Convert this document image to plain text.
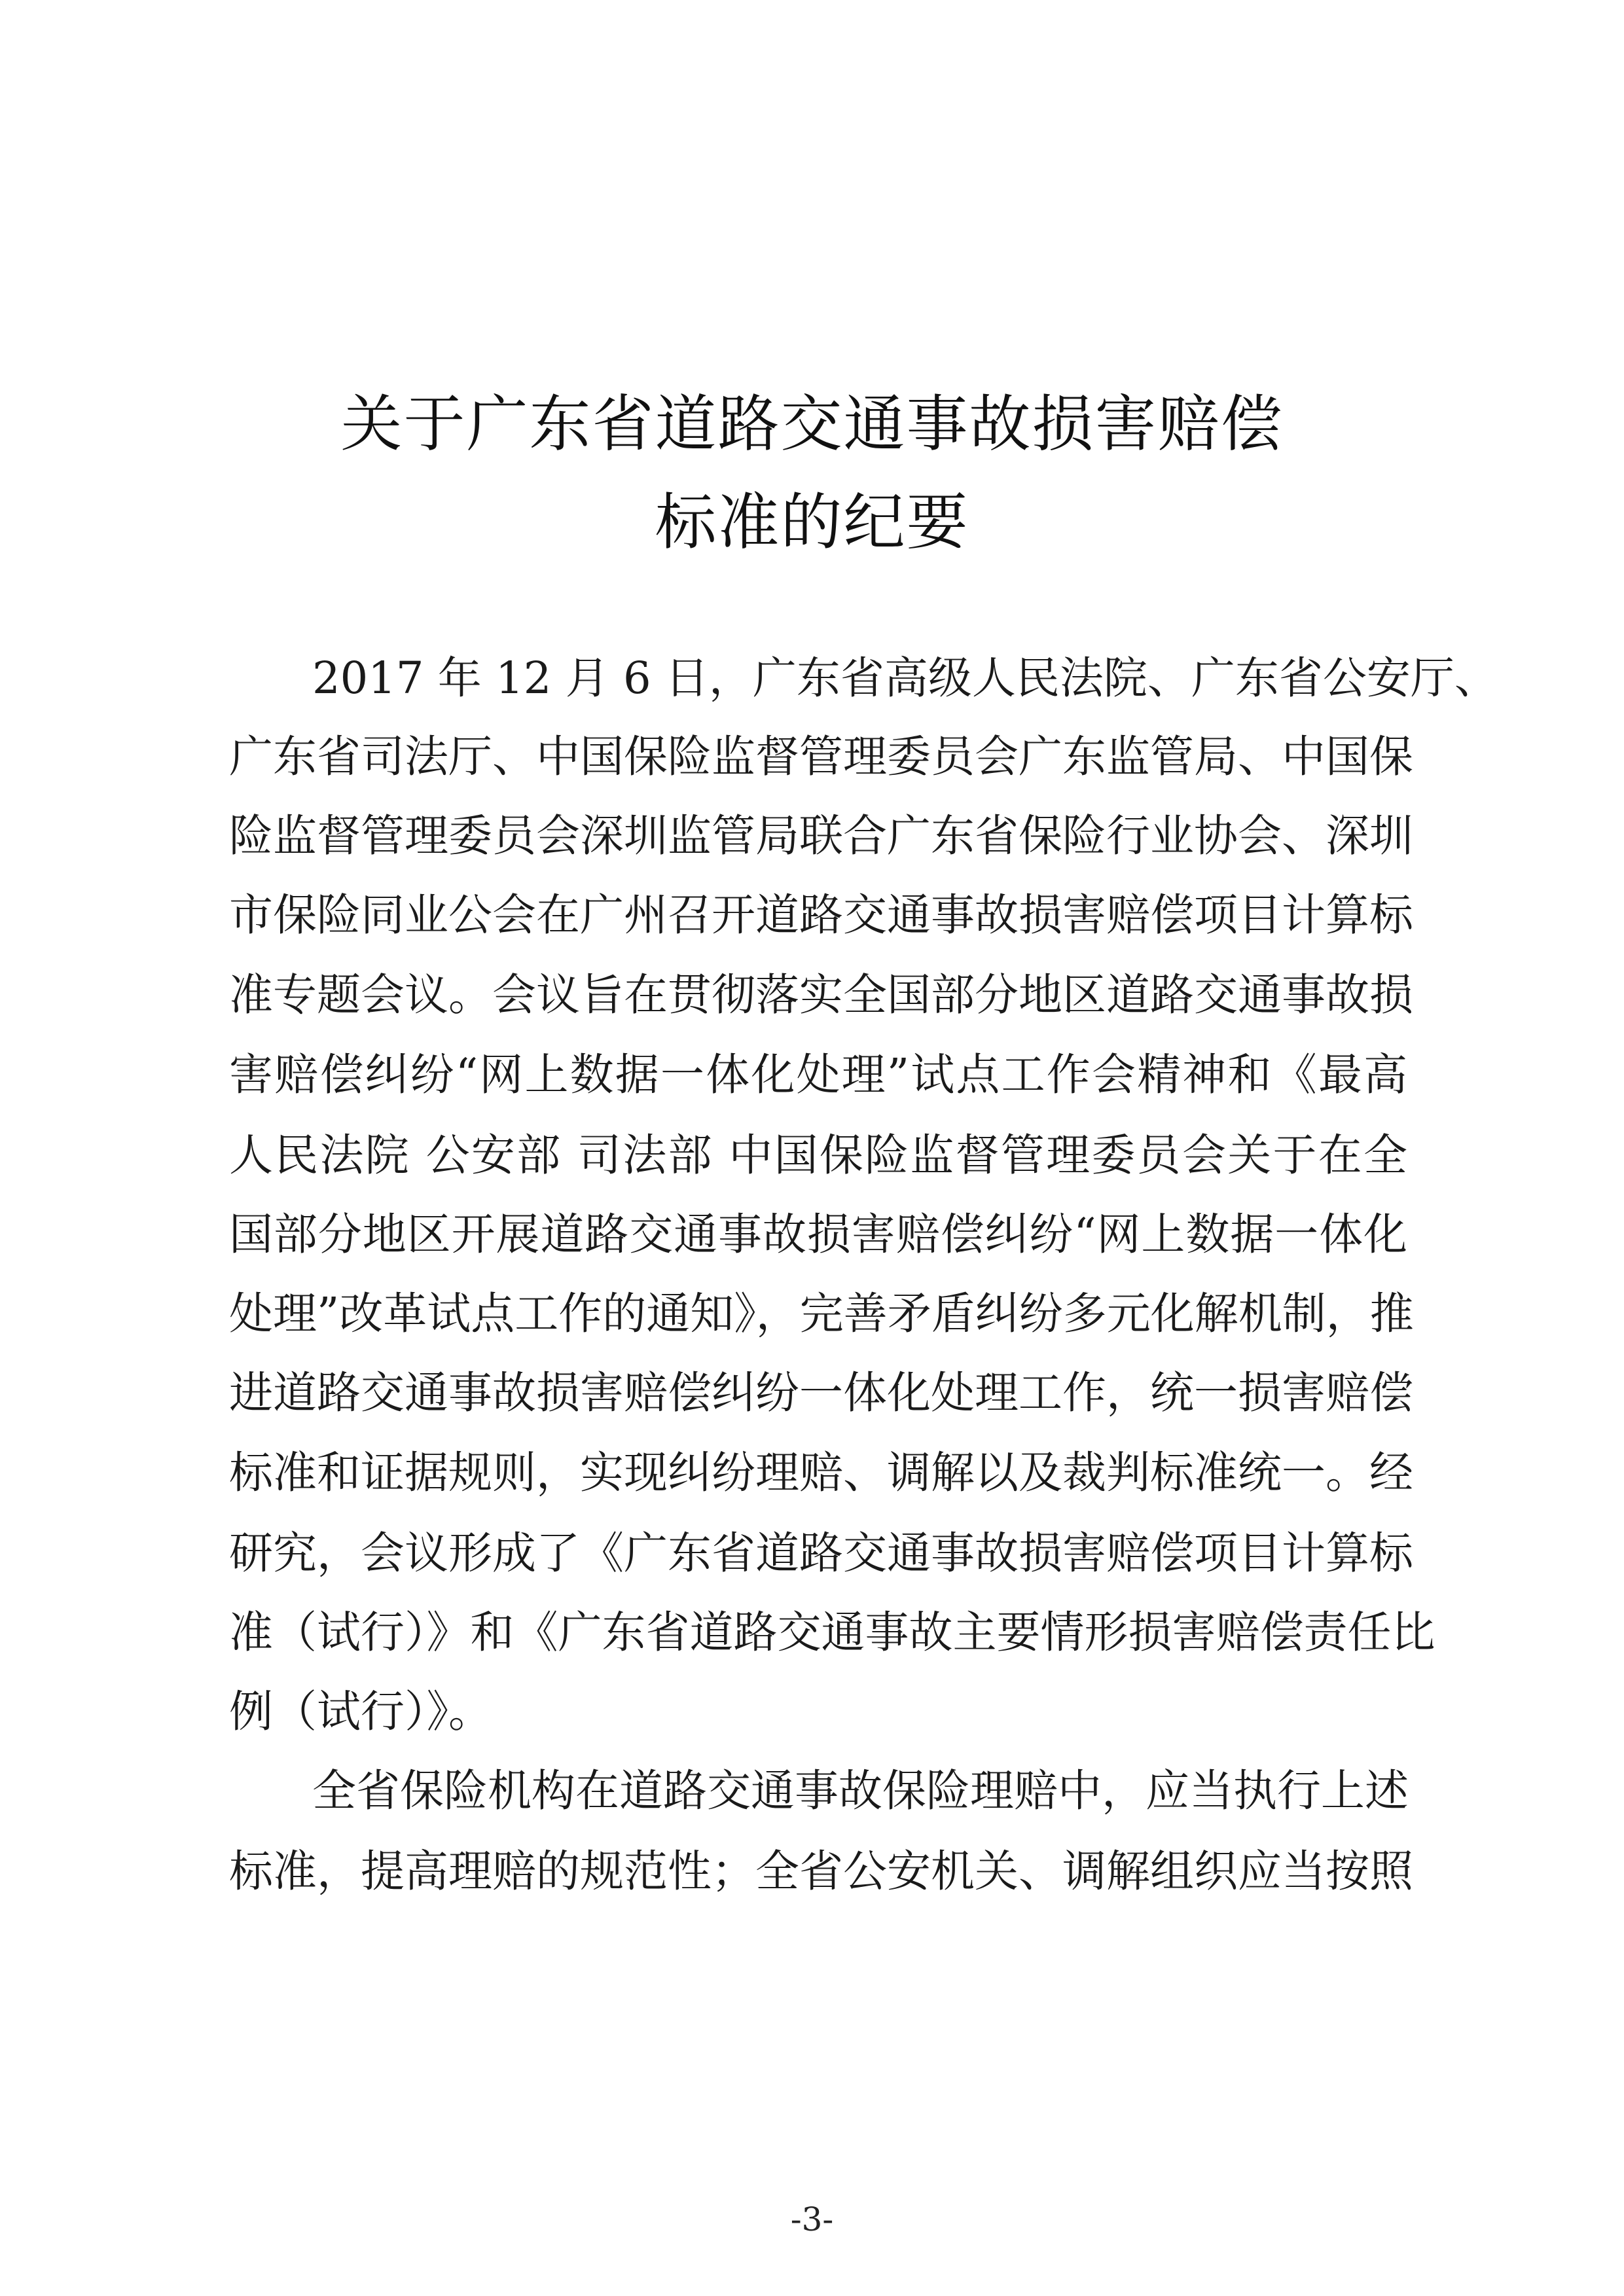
关于广东省道路交通事故损害赔偿
标准的纪要
2017 年 12 月 6 日，广东省高级人民法院、广东省公安厅、
广东省司法厅、中国保险监督管理委员会广东监管局、中国保
险监督管理委员会深圳监管局联合广东省保险行业协会、深圳
市保险同业公会在广州召开道路交通事故损害赔偿项目计算标
准专题会议。会议旨在贯彻落实全国部分地区道路交通事故损
害赔偿纠纷“网上数据一体化处理”试点工作会精神和《最高
人民法院 公安部 司法部 中国保险监督管理委员会关于在全
国部分地区开展道路交通事故损害赔偿纠纷“网上数据一体化
处理”改革试点工作的通知》，完善矛盾纠纷多元化解机制，推
进道路交通事故损害赔偿纠纷一体化处理工作，统一损害赔偿
标准和证据规则，实现纠纷理赔、调解以及裁判标准统一。经
研究，会议形成了《广东省道路交通事故损害赔偿项目计算标
准（试行）》和《广东省道路交通事故主要情形损害赔偿责任比
例（试行）》。
全省保险机构在道路交通事故保险理赔中，应当执行上述
标准，提高理赔的规范性；全省公安机关、调解组织应当按照
-3-
